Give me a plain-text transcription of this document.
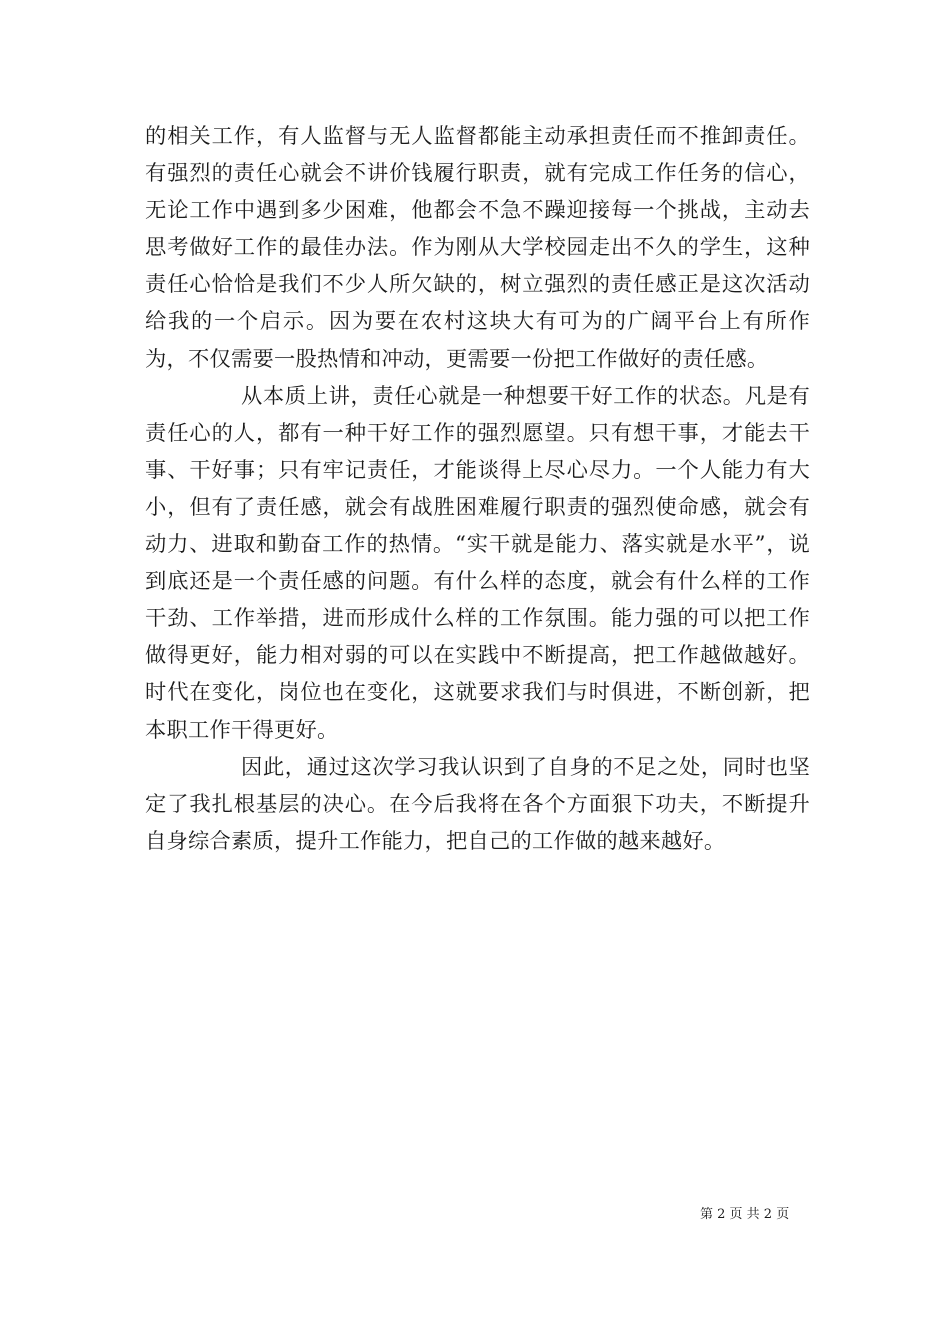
的相关工作，有人监督与无人监督都能主动承担责任而不推卸责任。有强烈的责任心就会不讲价钱履行职责，就有完成工作任务的信心，无论工作中遇到多少困难，他都会不急不躁迎接每一个挑战，主动去思考做好工作的最佳办法。作为刚从大学校园走出不久的学生，这种责任心恰恰是我们不少人所欠缺的，树立强烈的责任感正是这次活动给我的一个启示。因为要在农村这块大有可为的广阔平台上有所作为，不仅需要一股热情和冲动，更需要一份把工作做好的责任感。

从本质上讲，责任心就是一种想要干好工作的状态。凡是有责任心的人，都有一种干好工作的强烈愿望。只有想干事，才能去干事、干好事；只有牢记责任，才能谈得上尽心尽力。一个人能力有大小，但有了责任感，就会有战胜困难履行职责的强烈使命感，就会有动力、进取和勤奋工作的热情。“实干就是能力、落实就是水平”，说到底还是一个责任感的问题。有什么样的态度，就会有什么样的工作干劲、工作举措，进而形成什么样的工作氛围。能力强的可以把工作做得更好，能力相对弱的可以在实践中不断提高，把工作越做越好。时代在变化，岗位也在变化，这就要求我们与时俱进，不断创新，把本职工作干得更好。

因此，通过这次学习我认识到了自身的不足之处，同时也坚定了我扎根基层的决心。在今后我将在各个方面狠下功夫，不断提升自身综合素质，提升工作能力，把自己的工作做的越来越好。

第 2 页 共 2 页
